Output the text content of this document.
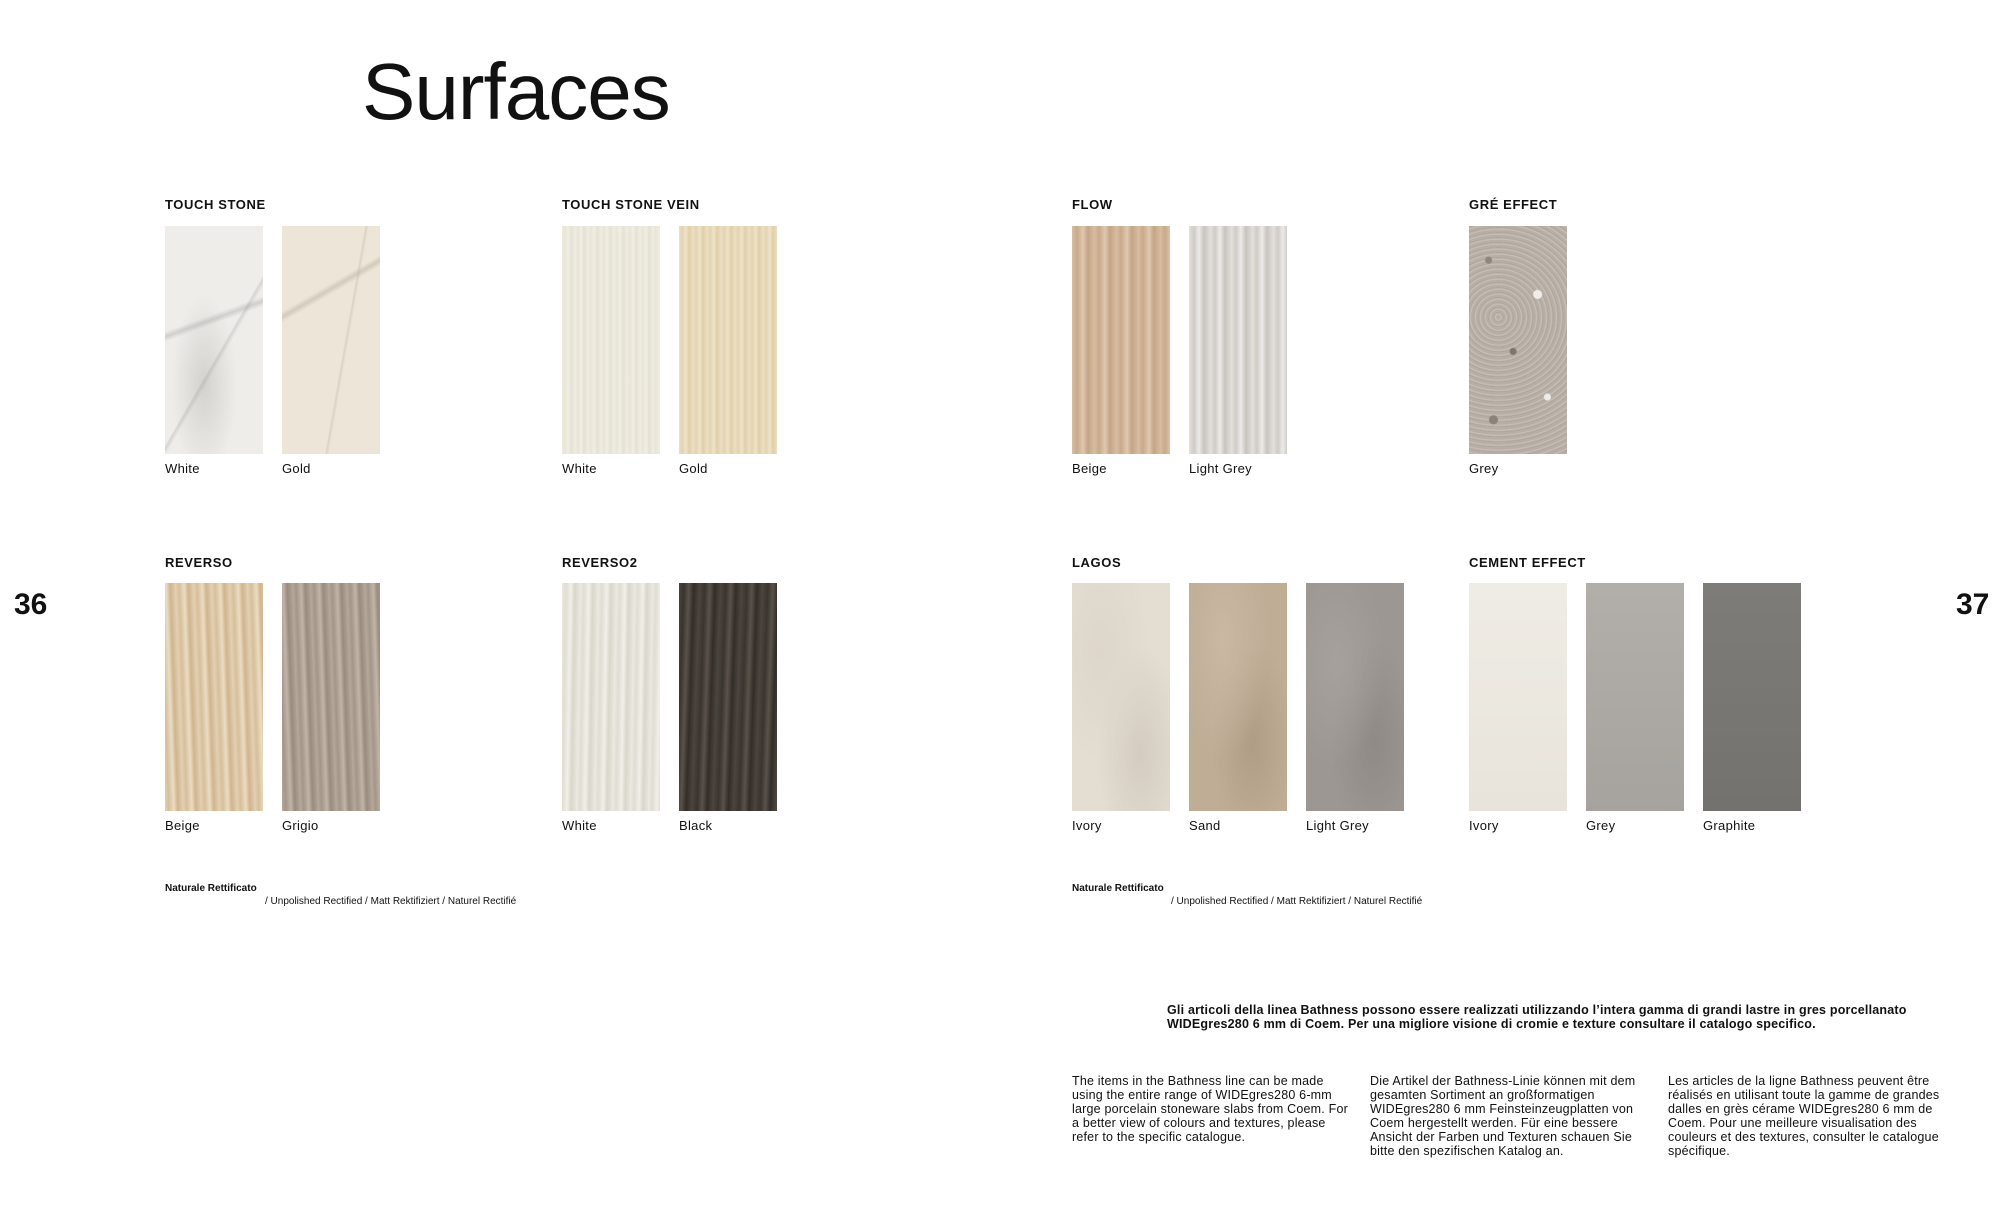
Surfaces
36	37
TOUCH STONE
White	Gold
TOUCH STONE VEIN
White	Gold
FLOW
Beige	Light Grey
GRÉ EFFECT
Grey
REVERSO
Beige	Grigio
REVERSO2
White	Black
LAGOS
Ivory	Sand	Light Grey
CEMENT EFFECT
Ivory	Grey	Graphite
Naturale Rettificato
/ Unpolished Rectified / Matt Rektifiziert / Naturel Rectifié
Naturale Rettificato
/ Unpolished Rectified / Matt Rektifiziert / Naturel Rectifié
Gli articoli della linea Bathness possono essere realizzati utilizzando l’intera gamma di grandi lastre in gres porcellanato WIDEgres280 6 mm di Coem. Per una migliore visione di cromie e texture consultare il catalogo specifico.
The items in the Bathness line can be made using the entire range of WIDEgres280 6-mm large porcelain stoneware slabs from Coem. For a better view of colours and textures, please refer to the specific catalogue.
Die Artikel der Bathness-Linie können mit dem gesamten Sortiment an großformatigen WIDEgres280 6 mm Feinsteinzeugplatten von Coem hergestellt werden. Für eine bessere Ansicht der Farben und Texturen schauen Sie bitte den spezifischen Katalog an.
Les articles de la ligne Bathness peuvent être réalisés en utilisant toute la gamme de grandes dalles en grès cérame WIDEgres280 6 mm de Coem. Pour une meilleure visualisation des couleurs et des textures, consulter le catalogue spécifique.
